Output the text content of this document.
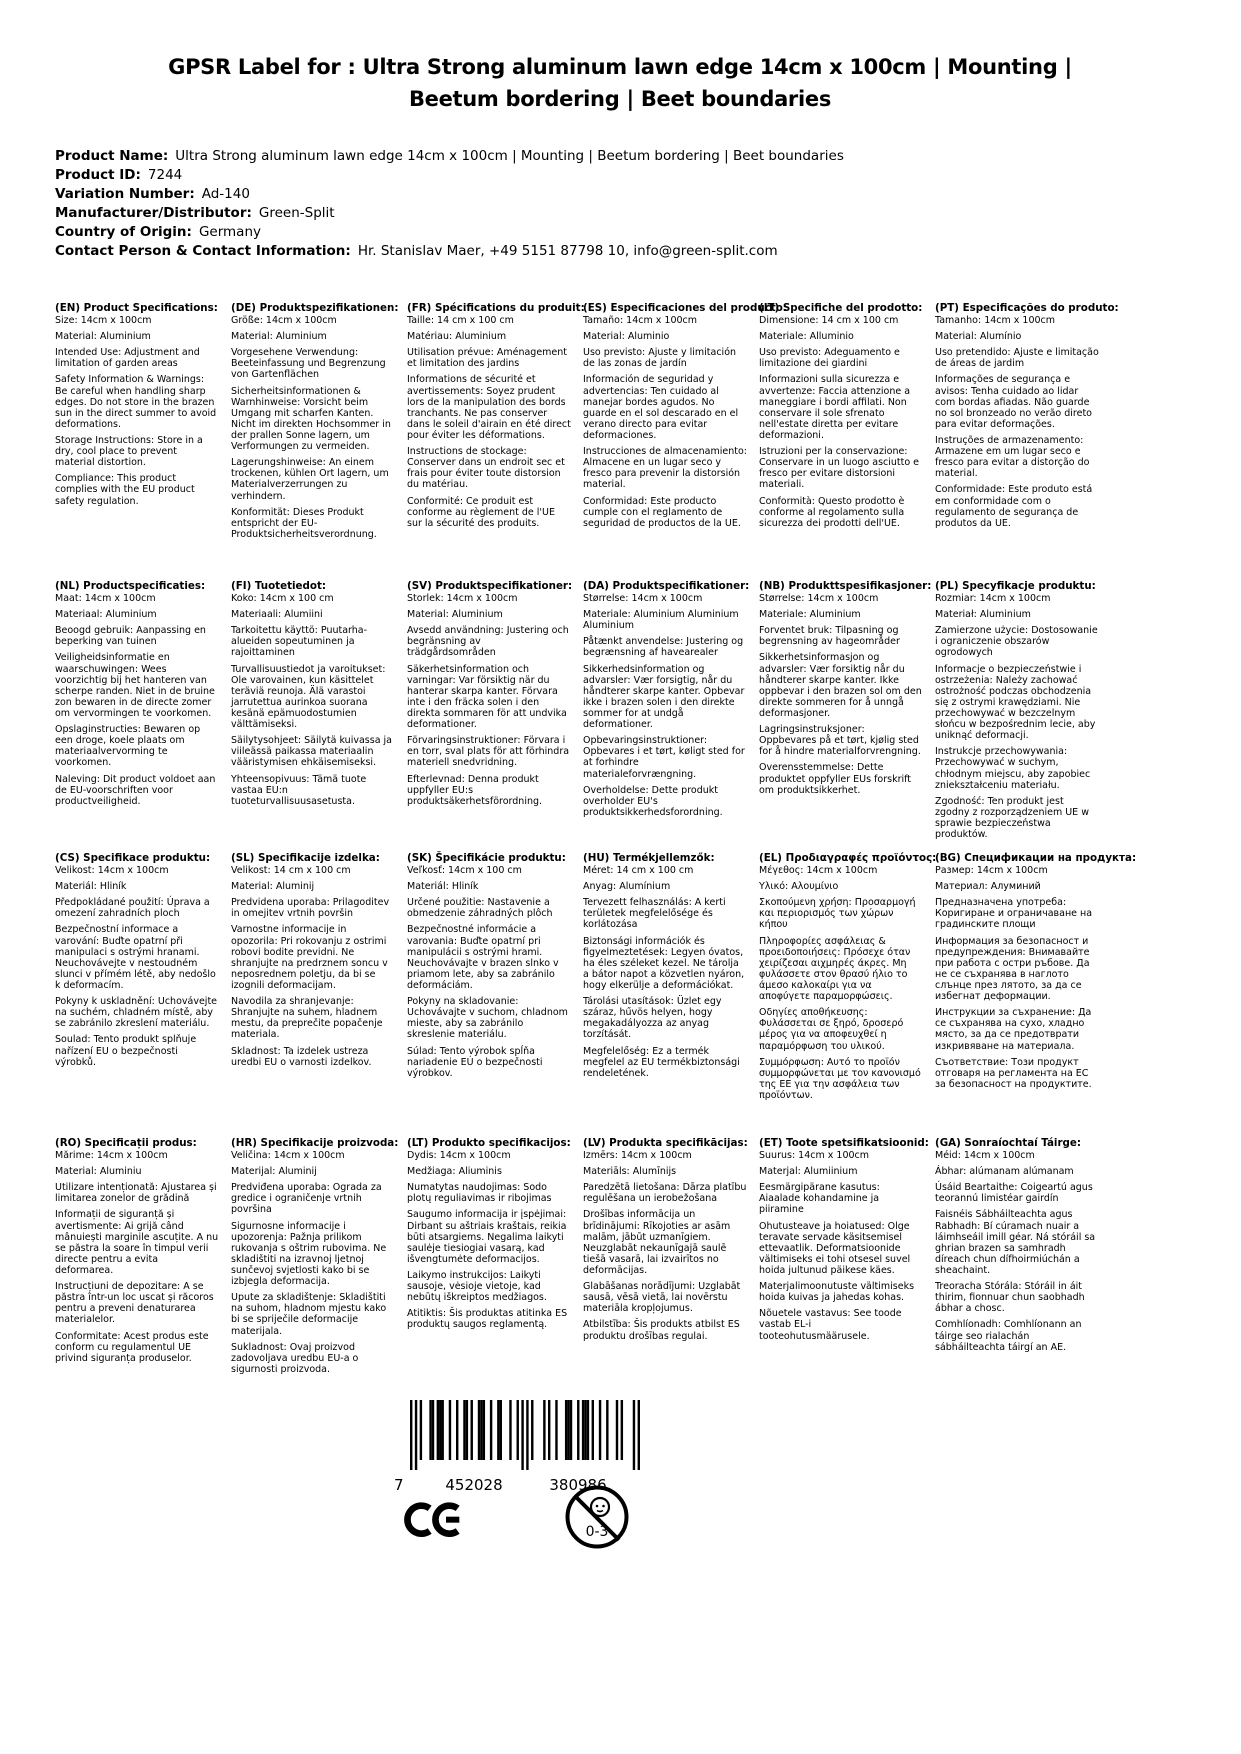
GPSR Label for : Ultra Strong aluminum lawn edge 14cm x 100cm | Mounting | Beetum bordering | Beet boundaries
Product Name: Ultra Strong aluminum lawn edge 14cm x 100cm | Mounting | Beetum bordering | Beet boundaries
Product ID: 7244
Variation Number: Ad-140
Manufacturer/Distributor: Green-Split
Country of Origin: Germany
Contact Person & Contact Information: Hr. Stanislav Maer, +49 5151 87798 10, info@green-split.com
(EN) Product Specifications:

Size: 14cm x 100cm

Material: Aluminium

Intended Use: Adjustment and limitation of garden areas

Safety Information & Warnings: Be careful when handling sharp edges. Do not store in the brazen sun in the direct summer to avoid deformations.

Storage Instructions: Store in a dry, cool place to prevent material distortion.

Compliance: This product complies with the EU product safety regulation.

(DE) Produktspezifikationen:

Größe: 14cm x 100cm

Material: Aluminium

Vorgesehene Verwendung: Beeteinfassung und Begrenzung von Gartenflächen

Sicherheitsinformationen & Warnhinweise: Vorsicht beim Umgang mit scharfen Kanten. Nicht im direkten Hochsommer in der prallen Sonne lagern, um Verformungen zu vermeiden.

Lagerungshinweise: An einem trockenen, kühlen Ort lagern, um Materialverzerrungen zu verhindern.

Konformität: Dieses Produkt entspricht der EU-Produktsicherheitsverordnung.

(FR) Spécifications du produit:

Taille: 14 cm x 100 cm

Matériau: Aluminium

Utilisation prévue: Aménagement et limitation des jardins

Informations de sécurité et avertissements: Soyez prudent lors de la manipulation des bords tranchants. Ne pas conserver dans le soleil d'airain en été direct pour éviter les déformations.

Instructions de stockage: Conserver dans un endroit sec et frais pour éviter toute distorsion du matériau.

Conformité: Ce produit est conforme au règlement de l'UE sur la sécurité des produits.

(ES) Especificaciones del producto:

Tamaño: 14cm x 100cm

Material: Aluminio

Uso previsto: Ajuste y limitación de las zonas de jardín

Información de seguridad y advertencias: Ten cuidado al manejar bordes agudos. No guarde en el sol descarado en el verano directo para evitar deformaciones.

Instrucciones de almacenamiento: Almacene en un lugar seco y fresco para prevenir la distorsión material.

Conformidad: Este producto cumple con el reglamento de seguridad de productos de la UE.

(IT) Specifiche del prodotto:

Dimensione: 14 cm x 100 cm

Materiale: Alluminio

Uso previsto: Adeguamento e limitazione dei giardini

Informazioni sulla sicurezza e avvertenze: Faccia attenzione a maneggiare i bordi affilati. Non conservare il sole sfrenato nell'estate diretta per evitare deformazioni.

Istruzioni per la conservazione: Conservare in un luogo asciutto e fresco per evitare distorsioni materiali.

Conformità: Questo prodotto è conforme al regolamento sulla sicurezza dei prodotti dell'UE.

(PT) Especificações do produto:

Tamanho: 14cm x 100cm

Material: Alumínio

Uso pretendido: Ajuste e limitação de áreas de jardim

Informações de segurança e avisos: Tenha cuidado ao lidar com bordas afiadas. Não guarde no sol bronzeado no verão direto para evitar deformações.

Instruções de armazenamento: Armazene em um lugar seco e fresco para evitar a distorção do material.

Conformidade: Este produto está em conformidade com o regulamento de segurança de produtos da UE.

(NL) Productspecificaties:

Maat: 14cm x 100cm

Materiaal: Aluminium

Beoogd gebruik: Aanpassing en beperking van tuinen

Veiligheidsinformatie en waarschuwingen: Wees voorzichtig bij het hanteren van scherpe randen. Niet in de bruine zon bewaren in de directe zomer om vervormingen te voorkomen.

Opslaginstructies: Bewaren op een droge, koele plaats om materiaalvervorming te voorkomen.

Naleving: Dit product voldoet aan de EU-voorschriften voor productveiligheid.

(FI) Tuotetiedot:

Koko: 14cm x 100 cm

Materiaali: Alumiini

Tarkoitettu käyttö: Puutarha-alueiden sopeutuminen ja rajoittaminen

Turvallisuustiedot ja varoitukset: Ole varovainen, kun käsittelet teräviä reunoja. Älä varastoi jarrutettua aurinkoa suorana kesänä epämuodostumien välttämiseksi.

Säilytysohjeet: Säilytä kuivassa ja viileässä paikassa materiaalin vääristymisen ehkäisemiseksi.

Yhteensopivuus: Tämä tuote vastaa EU:n tuoteturvallisuusasetusta.

(SV) Produktspecifikationer:

Storlek: 14cm x 100cm

Material: Aluminium

Avsedd användning: Justering och begränsning av trädgårdsområden

Säkerhetsinformation och varningar: Var försiktig när du hanterar skarpa kanter. Förvara inte i den fräcka solen i den direkta sommaren för att undvika deformationer.

Förvaringsinstruktioner: Förvara i en torr, sval plats för att förhindra materiell snedvridning.

Efterlevnad: Denna produkt uppfyller EU:s produktsäkerhetsförordning.

(DA) Produktspecifikationer:

Størrelse: 14cm x 100cm

Materiale: Aluminium Aluminium Aluminium

Påtænkt anvendelse: Justering og begrænsning af havearealer

Sikkerhedsinformation og advarsler: Vær forsigtig, når du håndterer skarpe kanter. Opbevar ikke i brazen solen i den direkte sommer for at undgå deformationer.

Opbevaringsinstruktioner: Opbevares i et tørt, køligt sted for at forhindre materialeforvrængning.

Overholdelse: Dette produkt overholder EU's produktsikkerhedsforordning.

(NB) Produkttspesifikasjoner:

Størrelse: 14cm x 100cm

Materiale: Aluminium

Forventet bruk: Tilpasning og begrensning av hageområder

Sikkerhetsinformasjon og advarsler: Vær forsiktig når du håndterer skarpe kanter. Ikke oppbevar i den brazen sol om den direkte sommeren for å unngå deformasjoner.

Lagringsinstruksjoner: Oppbevares på et tørt, kjølig sted for å hindre materialforvrengning.

Overensstemmelse: Dette produktet oppfyller EUs forskrift om produktsikkerhet.

(PL) Specyfikacje produktu:

Rozmiar: 14cm x 100cm

Materiał: Aluminium

Zamierzone użycie: Dostosowanie i ograniczenie obszarów ogrodowych

Informacje o bezpieczeństwie i ostrzeżenia: Należy zachować ostrożność podczas obchodzenia się z ostrymi krawędziami. Nie przechowywać w bezczelnym słońcu w bezpośrednim lecie, aby uniknąć deformacji.

Instrukcje przechowywania: Przechowywać w suchym, chłodnym miejscu, aby zapobiec zniekształceniu materiału.

Zgodność: Ten produkt jest zgodny z rozporządzeniem UE w sprawie bezpieczeństwa produktów.

(CS) Specifikace produktu:

Velikost: 14cm x 100cm

Materiál: Hliník

Předpokládané použití: Úprava a omezení zahradních ploch

Bezpečnostní informace a varování: Buďte opatrní při manipulaci s ostrými hranami. Neuchovávejte v nestoudném slunci v přímém létě, aby nedošlo k deformacím.

Pokyny k uskladnění: Uchovávejte na suchém, chladném místě, aby se zabránilo zkreslení materiálu.

Soulad: Tento produkt splňuje nařízení EU o bezpečnosti výrobků.

(SL) Specifikacije izdelka:

Velikost: 14 cm x 100 cm

Material: Aluminij

Predvidena uporaba: Prilagoditev in omejitev vrtnih površin

Varnostne informacije in opozorila: Pri rokovanju z ostrimi robovi bodite previdni. Ne shranjujte na predrznem soncu v neposrednem poletju, da bi se izognili deformacijam.

Navodila za shranjevanje: Shranjujte na suhem, hladnem mestu, da preprečite popačenje materiala.

Skladnost: Ta izdelek ustreza uredbi EU o varnosti izdelkov.

(SK) Špecifikácie produktu:

Veľkosť: 14cm x 100 cm

Materiál: Hliník

Určené použitie: Nastavenie a obmedzenie záhradných plôch

Bezpečnostné informácie a varovania: Buďte opatrní pri manipulácii s ostrými hrami. Neuchovávajte v brazen slnko v priamom lete, aby sa zabránilo deformáciám.

Pokyny na skladovanie: Uchovávajte v suchom, chladnom mieste, aby sa zabránilo skreslenie materiálu.

Súlad: Tento výrobok spĺňa nariadenie EÚ o bezpečnosti výrobkov.

(HU) Termékjellemzők:

Méret: 14 cm x 100 cm

Anyag: Alumínium

Tervezett felhasználás: A kerti területek megfelelősége és korlátozása

Biztonsági információk és figyelmeztetések: Legyen óvatos, ha éles széleket kezel. Ne tárolja a bátor napot a közvetlen nyáron, hogy elkerülje a deformációkat.

Tárolási utasítások: Üzlet egy száraz, hűvös helyen, hogy megakadályozza az anyag torzítását.

Megfelelőség: Ez a termék megfelel az EU termékbiztonsági rendeletének.

(EL) Προδιαγραφές προϊόντος:

Μέγεθος: 14cm x 100cm

Υλικό: Αλουμίνιο

Σκοπούμενη χρήση: Προσαρμογή και περιορισμός των χώρων κήπου

Πληροφορίες ασφάλειας & προειδοποιήσεις: Πρόσεχε όταν χειρίζεσαι αιχμηρές άκρες. Μη φυλάσσετε στον θρασύ ήλιο το άμεσο καλοκαίρι για να αποφύγετε παραμορφώσεις.

Οδηγίες αποθήκευσης: Φυλάσσεται σε ξηρό, δροσερό μέρος για να αποφευχθεί η παραμόρφωση του υλικού.

Συμμόρφωση: Αυτό το προϊόν συμμορφώνεται με τον κανονισμό της ΕΕ για την ασφάλεια των προϊόντων.

(BG) Спецификации на продукта:

Размер: 14cm x 100cm

Материал: Алуминий

Предназначена употреба: Коригиране и ограничаване на градинските площи

Информация за безопасност и предупреждения: Внимавайте при работа с остри ръбове. Да не се съхранява в наглото слънце през лятото, за да се избегнат деформации.

Инструкции за съхранение: Да се съхранява на сухо, хладно място, за да се предотврати изкривяване на материала.

Съответствие: Този продукт отговаря на регламента на ЕС за безопасност на продуктите.

(RO) Specificații produs:

Mărime: 14cm x 100cm

Material: Aluminiu

Utilizare intenționată: Ajustarea și limitarea zonelor de grădină

Informații de siguranță și avertismente: Ai grijă când mânuiești marginile ascuțite. A nu se păstra la soare în timpul verii directe pentru a evita deformarea.

Instrucțiuni de depozitare: A se păstra într-un loc uscat și răcoros pentru a preveni denaturarea materialelor.

Conformitate: Acest produs este conform cu regulamentul UE privind siguranța produselor.

(HR) Specifikacije proizvoda:

Veličina: 14cm x 100cm

Materijal: Aluminij

Predviđena uporaba: Ograda za gredice i ograničenje vrtnih površina

Sigurnosne informacije i upozorenja: Pažnja prilikom rukovanja s oštrim rubovima. Ne skladištiti na izravnoj ljetnoj sunčevoj svjetlosti kako bi se izbjegla deformacija.

Upute za skladištenje: Skladištiti na suhom, hladnom mjestu kako bi se spriječile deformacije materijala.

Sukladnost: Ovaj proizvod zadovoljava uredbu EU-a o sigurnosti proizvoda.

(LT) Produkto specifikacijos:

Dydis: 14cm x 100cm

Medžiaga: Aliuminis

Numatytas naudojimas: Sodo plotų reguliavimas ir ribojimas

Saugumo informacija ir įspėjimai: Dirbant su aštriais kraštais, reikia būti atsargiems. Negalima laikyti saulėje tiesiogiai vasarą, kad išvengtumėte deformacijos.

Laikymo instrukcijos: Laikyti sausoje, vėsioje vietoje, kad nebūtų iškreiptos medžiagos.

Atitiktis: Šis produktas atitinka ES produktų saugos reglamentą.

(LV) Produkta specifikācijas:

Izmērs: 14cm x 100cm

Materiāls: Alumīnijs

Paredzētā lietošana: Dārza platību regulēšana un ierobežošana

Drošības informācija un brīdinājumi: Rīkojoties ar asām malām, jābūt uzmanīgiem. Neuzglabāt nekaunīgajā saulē tiešā vasarā, lai izvairītos no deformācijas.

Glabāšanas norādījumi: Uzglabāt sausā, vēsā vietā, lai novērstu materiāla kropļojumus.

Atbilstība: Šis produkts atbilst ES produktu drošības regulai.

(ET) Toote spetsifikatsioonid:

Suurus: 14cm x 100cm

Materjal: Alumiinium

Eesmärgipärane kasutus: Aiaalade kohandamine ja piiramine

Ohutusteave ja hoiatused: Olge teravate servade käsitsemisel ettevaatlik. Deformatsioonide vältimiseks ei tohi otsesel suvel hoida jultunud päikese käes.

Materjalimoonutuste vältimiseks hoida kuivas ja jahedas kohas.

Nõuetele vastavus: See toode vastab EL-i tooteohutusmäärusele.

(GA) Sonraíochtaí Táirge:

Méid: 14cm x 100cm

Ábhar: alúmanam alúmanam

Úsáid Beartaithe: Coigeartú agus teorannú limistéar gairdín

Faisnéis Sábháilteachta agus Rabhadh: Bí cúramach nuair a láimhseáil imill géar. Ná stóráil sa ghrian brazen sa samhradh díreach chun dífhoirmiúchán a sheachaint.

Treoracha Stórála: Stóráil in áit thirim, fionnuar chun saobhadh ábhar a chosc.

Comhlíonadh: Comhlíonann an táirge seo rialachán sábháilteachta táirgí an AE.

7	452028	380986
0-3
